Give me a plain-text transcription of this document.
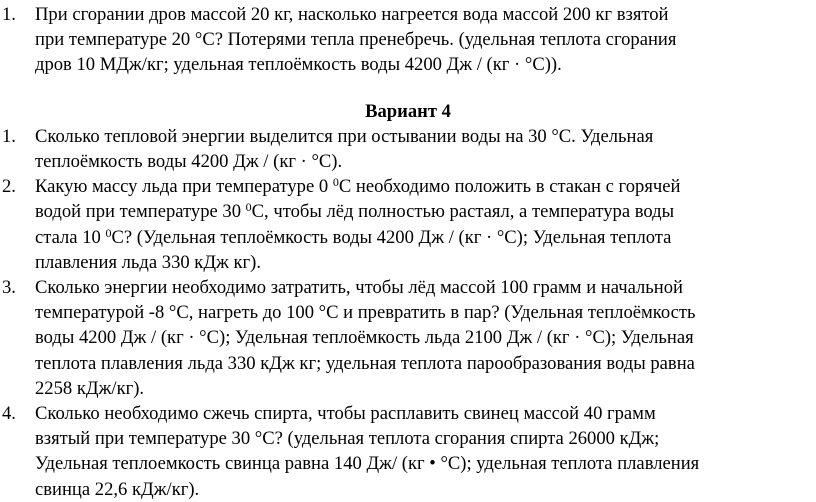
1. При сгорании дров массой 20 кг, насколько нагреется вода массой 200 кг взятой
при температуре 20 °С? Потерями тепла пренебречь. (удельная теплота сгорания
дров 10 МДж/кг; удельная теплоёмкость воды 4200 Дж / (кг · °С)).
Вариант 4
1. Сколько тепловой энергии выделится при остывании воды на 30 °С. Удельная
теплоёмкость воды 4200 Дж / (кг · °С).
2. Какую массу льда при температуре 0 $^0$С необходимо положить в стакан с горячей
водой при температуре 30 $^0$С, чтобы лёд полностью растаял, а температура воды
стала 10 $^0$С? (Удельная теплоёмкость воды 4200 Дж / (кг · °С); Удельная теплота
плавления льда 330 кДж кг).
3. Сколько энергии необходимо затратить, чтобы лёд массой 100 грамм и начальной
температурой -8 °С, нагреть до 100 °С и превратить в пар? (Удельная теплоёмкость
воды 4200 Дж / (кг · °С); Удельная теплоёмкость льда 2100 Дж / (кг · °С); Удельная
теплота плавления льда 330 кДж кг; удельная теплота парообразования воды равна
2258 кДж/кг).
4. Сколько необходимо сжечь спирта, чтобы расплавить свинец массой 40 грамм
взятый при температуре 30 °С? (удельная теплота сгорания спирта 26000 кДж;
Удельная теплоемкость свинца равна 140 Дж/ (кг • °С); удельная теплота плавления
свинца 22,6 кДж/кг).
